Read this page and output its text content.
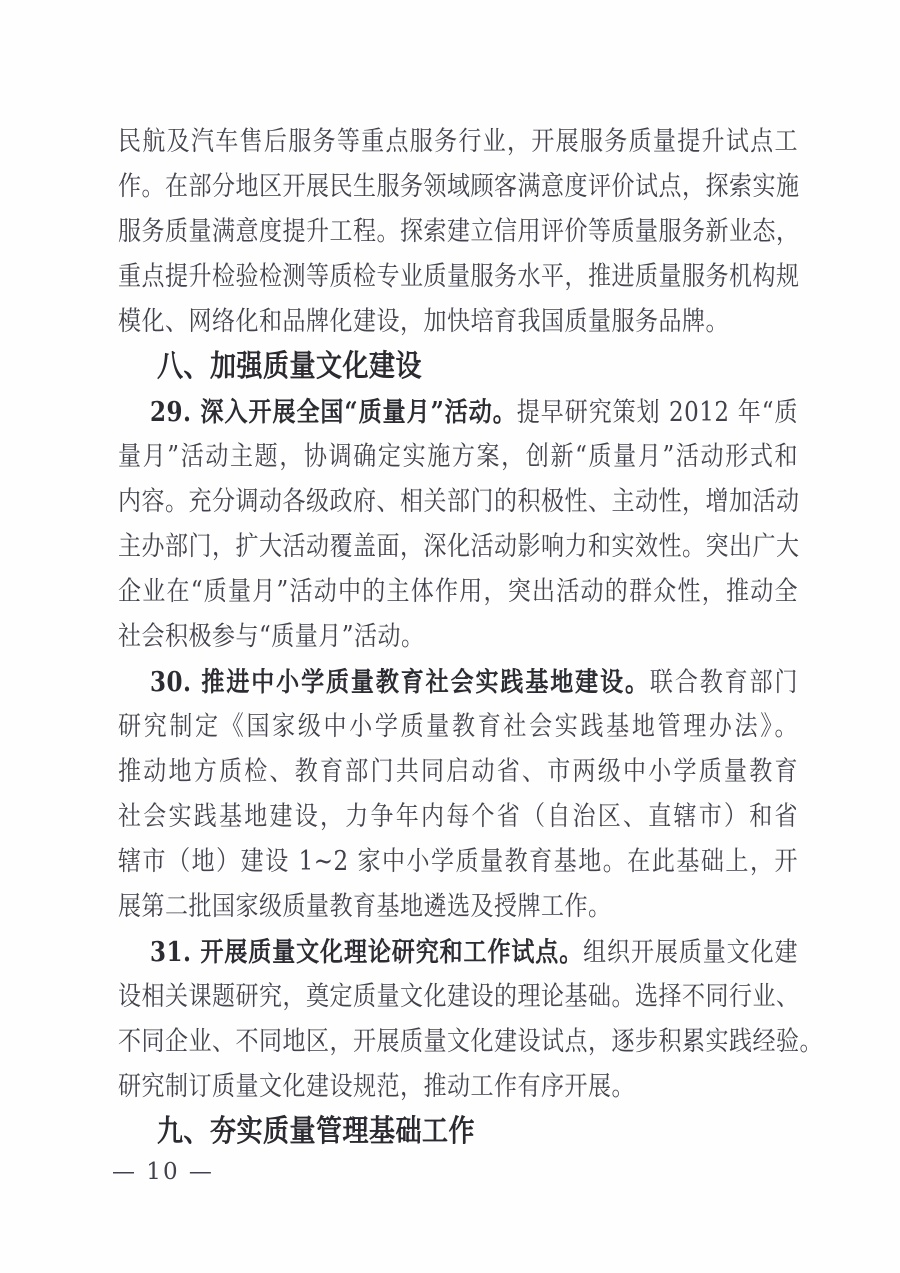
民航及汽车售后服务等重点服务行业，开展服务质量提升试点工
作。在部分地区开展民生服务领域顾客满意度评价试点，探索实施
服务质量满意度提升工程。探索建立信用评价等质量服务新业态，
重点提升检验检测等质检专业质量服务水平，推进质量服务机构规
模化、网络化和品牌化建设，加快培育我国质量服务品牌。
八、加强质量文化建设
29. 深入开展全国“质量月”活动。提早研究策划 2012 年“质
量月”活动主题，协调确定实施方案，创新“质量月”活动形式和
内容。充分调动各级政府、相关部门的积极性、主动性，增加活动
主办部门，扩大活动覆盖面，深化活动影响力和实效性。突出广大
企业在“质量月”活动中的主体作用，突出活动的群众性，推动全
社会积极参与“质量月”活动。
30. 推进中小学质量教育社会实践基地建设。联合教育部门
研究制定《国家级中小学质量教育社会实践基地管理办法》。
推动地方质检、教育部门共同启动省、市两级中小学质量教育
社会实践基地建设，力争年内每个省（自治区、直辖市）和省
辖市（地）建设 1~2 家中小学质量教育基地。在此基础上，开
展第二批国家级质量教育基地遴选及授牌工作。
31. 开展质量文化理论研究和工作试点。组织开展质量文化建
设相关课题研究，奠定质量文化建设的理论基础。选择不同行业、
不同企业、不同地区，开展质量文化建设试点，逐步积累实践经验。
研究制订质量文化建设规范，推动工作有序开展。
九、夯实质量管理基础工作
— 10 —
